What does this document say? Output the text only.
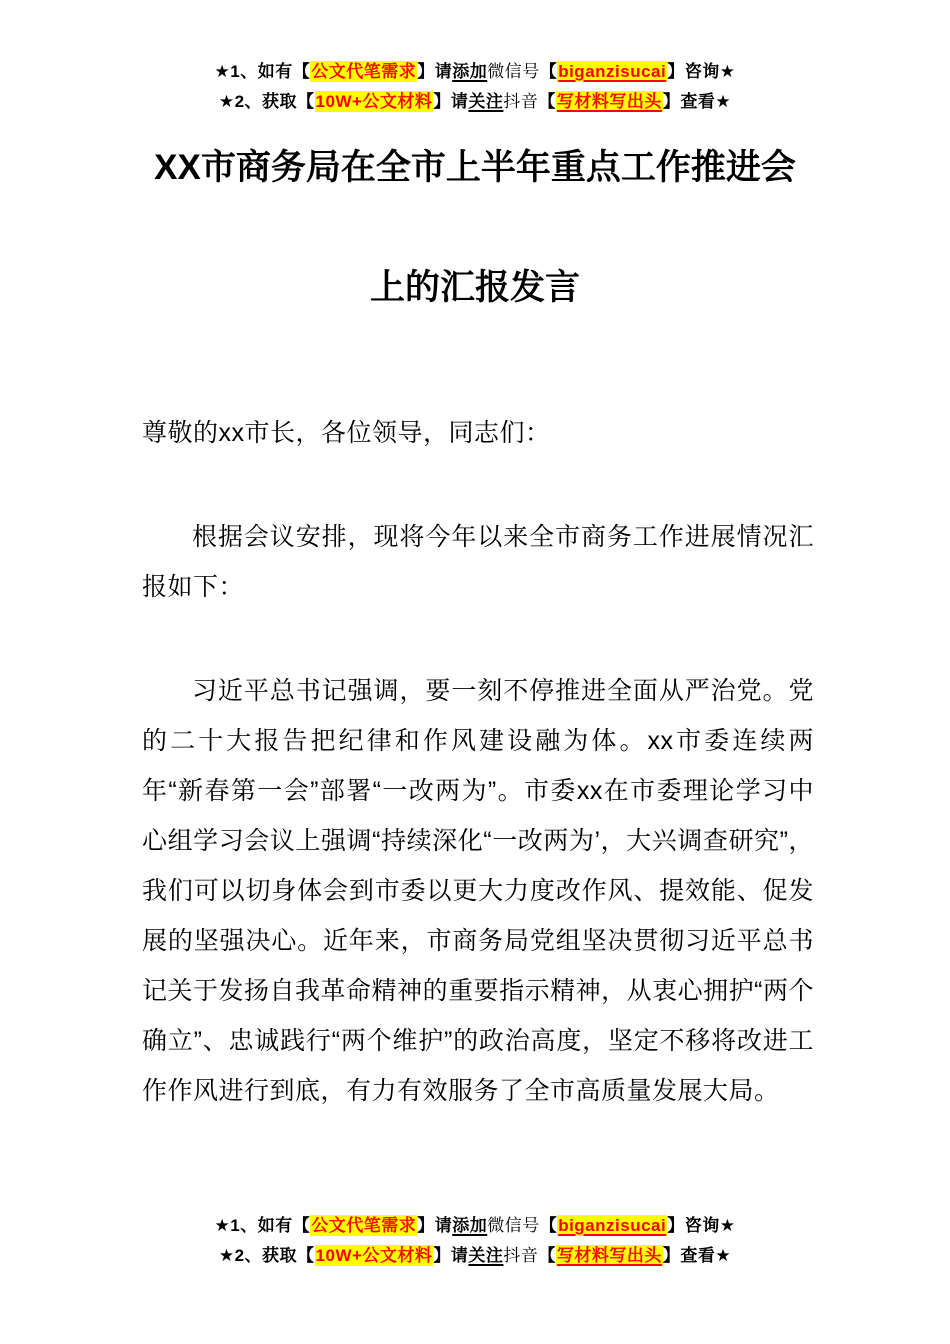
★1、如有【公文代笔需求】请添加微信号【biganzisucai】咨询★
★2、获取【10W+公文材料】请关注抖音【写材料写出头】查看★
XX市商务局在全市上半年重点工作推进会
上的汇报发言

尊敬的xx市长，各位领导，同志们：

根据会议安排，现将今年以来全市商务工作进展情况汇报如下：

习近平总书记强调，要一刻不停推进全面从严治党。党的二十大报告把纪律和作风建设融为体。xx市委连续两年“新春第一会”部署“一改两为”。市委xx在市委理论学习中心组学习会议上强调“持续深化“一改两为’，大兴调查研究”，我们可以切身体会到市委以更大力度改作风、提效能、促发展的坚强决心。近年来，市商务局党组坚决贯彻习近平总书记关于发扬自我革命精神的重要指示精神，从衷心拥护“两个确立”、忠诚践行“两个维护”的政治高度，坚定不移将改进工作作风进行到底，有力有效服务了全市高质量发展大局。

★1、如有【公文代笔需求】请添加微信号【biganzisucai】咨询★
★2、获取【10W+公文材料】请关注抖音【写材料写出头】查看★
